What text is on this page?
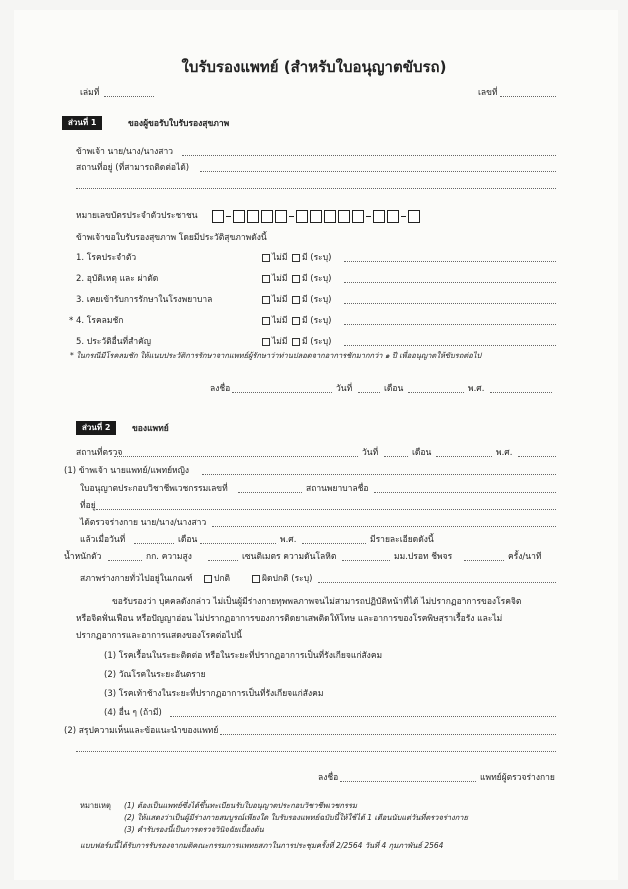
ใบรับรองแพทย์ (สำหรับใบอนุญาตขับรถ)
เล่มที่	เลขที่
ส่วนที่ 1	ของผู้ขอรับใบรับรองสุขภาพ
ข้าพเจ้า นาย/นาง/นางสาว
สถานที่อยู่ (ที่สามารถติดต่อได้)
หมายเลขบัตรประจำตัวประชาชน
ข้าพเจ้าขอใบรับรองสุขภาพ โดยมีประวัติสุขภาพดังนี้
1. โรคประจำตัว	ไม่มี	มี (ระบุ)
2. อุบัติเหตุ และ ผ่าตัด	ไม่มี	มี (ระบุ)
3. เคยเข้ารับการรักษาในโรงพยาบาล	ไม่มี	มี (ระบุ)
4. โรคลมชัก	ไม่มี	มี (ระบุ)
5. ประวัติอื่นที่สำคัญ	ไม่มี	มี (ระบุ)
*
* ในกรณีมีโรคลมชัก ให้แนบประวัติการรักษาจากแพทย์ผู้รักษาว่าท่านปลอดจากอาการชักมากกว่า ๑ ปี เพื่ออนุญาตให้ขับรถต่อไป
ลงชื่อ	วันที่	เดือน	พ.ศ.
ส่วนที่ 2	ของแพทย์
สถานที่ตรวจ	วันที่	เดือน	พ.ศ.
(1) ข้าพเจ้า นายแพทย์/แพทย์หญิง
ใบอนุญาตประกอบวิชาชีพเวชกรรมเลขที่	สถานพยาบาลชื่อ
ที่อยู่
ได้ตรวจร่างกาย นาย/นาง/นางสาว
แล้วเมื่อวันที่	เดือน	พ.ศ.	มีรายละเอียดดังนี้
น้ำหนักตัว	กก. ความสูง	เซนติเมตร ความดันโลหิต	มม.ปรอท ชีพจร	ครั้ง/นาที
สภาพร่างกายทั่วไปอยู่ในเกณฑ์	ปกติ	ผิดปกติ (ระบุ)
ขอรับรองว่า บุคคลดังกล่าว ไม่เป็นผู้มีร่างกายทุพพลภาพจนไม่สามารถปฏิบัติหน้าที่ได้ ไม่ปรากฏอาการของโรคจิต
หรือจิตฟั่นเฟือน หรือปัญญาอ่อน ไม่ปรากฏอาการของการติดยาเสพติดให้โทษ และอาการของโรคพิษสุราเรื้อรัง และไม่
ปรากฏอาการและอาการแสดงของโรคต่อไปนี้
(1) โรคเรื้อนในระยะติดต่อ หรือในระยะที่ปรากฏอาการเป็นที่รังเกียจแก่สังคม
(2) วัณโรคในระยะอันตราย
(3) โรคเท้าช้างในระยะที่ปรากฏอาการเป็นที่รังเกียจแก่สังคม
(4) อื่น ๆ (ถ้ามี)
(2) สรุปความเห็นและข้อแนะนำของแพทย์
ลงชื่อ	แพทย์ผู้ตรวจร่างกาย
หมายเหตุ (1) ต้องเป็นแพทย์ซึ่งได้ขึ้นทะเบียนรับใบอนุญาตประกอบวิชาชีพเวชกรรม
(2) ให้แสดงว่าเป็นผู้มีร่างกายสมบูรณ์เพียงใด ใบรับรองแพทย์ฉบับนี้ให้ใช้ได้ 1 เดือนนับแต่วันที่ตรวจร่างกาย
(3) คำรับรองนี้เป็นการตรวจวินิจฉัยเบื้องต้น
แบบฟอร์มนี้ได้รับการรับรองจากมติคณะกรรมการแพทยสภาในการประชุมครั้งที่ 2/2564 วันที่ 4 กุมภาพันธ์ 2564
